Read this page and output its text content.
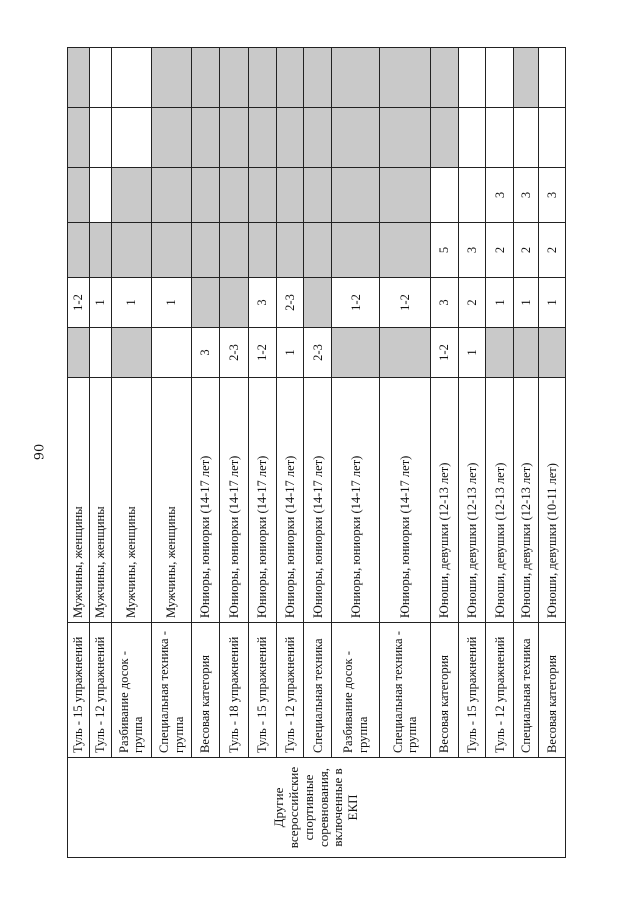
90
Другие всероссийские спортивные соревнования, включенные в ЕКП	Туль - 15 упражнений	Мужчины, женщины		1-2				
	Туль - 12 упражнений	Мужчины, женщины		1				
	Разбивание досок - группа	Мужчины, женщины		1				
	Специальная техника - группа	Мужчины, женщины		1				
	Весовая категория	Юниоры, юниорки (14-17 лет)	3					
	Туль - 18 упражнений	Юниоры, юниорки (14-17 лет)	2-3					
	Туль - 15 упражнений	Юниоры, юниорки (14-17 лет)	1-2	3				
	Туль - 12 упражнений	Юниоры, юниорки (14-17 лет)	1	2-3				
	Специальная техника	Юниоры, юниорки (14-17 лет)	2-3					
	Разбивание досок - группа	Юниоры, юниорки (14-17 лет)		1-2				
	Специальная техника - группа	Юниоры, юниорки (14-17 лет)		1-2				
	Весовая категория	Юноши, девушки (12-13 лет)	1-2	3	5			
	Туль - 15 упражнений	Юноши, девушки (12-13 лет)	1	2	3			
	Туль - 12 упражнений	Юноши, девушки (12-13 лет)		1	2	3		
	Специальная техника	Юноши, девушки (12-13 лет)		1	2	3		
	Весовая категория	Юноши, девушки (10-11 лет)		1	2	3		
